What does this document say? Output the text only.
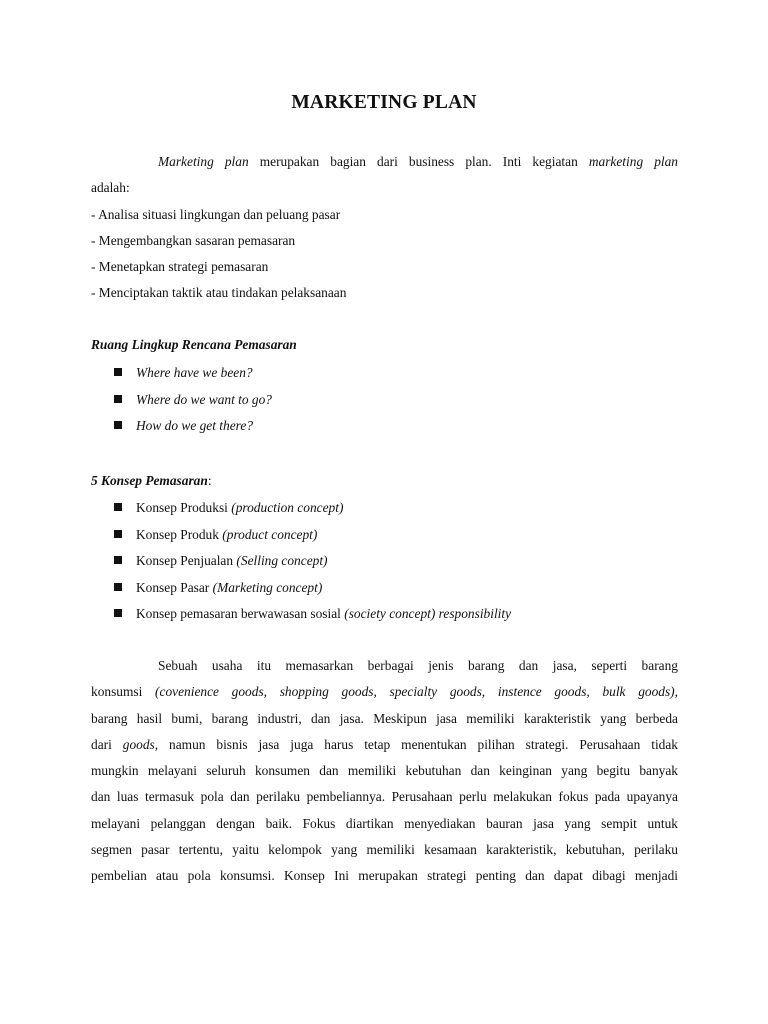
MARKETING PLAN
Marketing plan merupakan bagian dari business plan. Inti kegiatan marketing plan
adalah:
- Analisa situasi lingkungan dan peluang pasar
- Mengembangkan sasaran pemasaran
- Menetapkan strategi pemasaran
- Menciptakan taktik atau tindakan pelaksanaan
Ruang Lingkup Rencana Pemasaran
Where have we been?
Where do we want to go?
How do we get there?
5 Konsep Pemasaran:
Konsep Produksi (production concept)
Konsep Produk (product concept)
Konsep Penjualan (Selling concept)
Konsep Pasar (Marketing concept)
Konsep pemasaran berwawasan sosial (society concept) responsibility
Sebuah usaha itu memasarkan berbagai jenis barang dan jasa, seperti barang
konsumsi (covenience goods, shopping goods, specialty goods, instence goods, bulk goods),
barang hasil bumi, barang industri, dan jasa. Meskipun jasa memiliki karakteristik yang berbeda
dari goods, namun bisnis jasa juga harus tetap menentukan pilihan strategi. Perusahaan tidak
mungkin melayani seluruh konsumen dan memiliki kebutuhan dan keinginan yang begitu banyak
dan luas termasuk pola dan perilaku pembeliannya. Perusahaan perlu melakukan fokus pada upayanya
melayani pelanggan dengan baik. Fokus diartikan menyediakan bauran jasa yang sempit untuk
segmen pasar tertentu, yaitu kelompok yang memiliki kesamaan karakteristik, kebutuhan, perilaku
pembelian atau pola konsumsi. Konsep Ini merupakan strategi penting dan dapat dibagi menjadi
